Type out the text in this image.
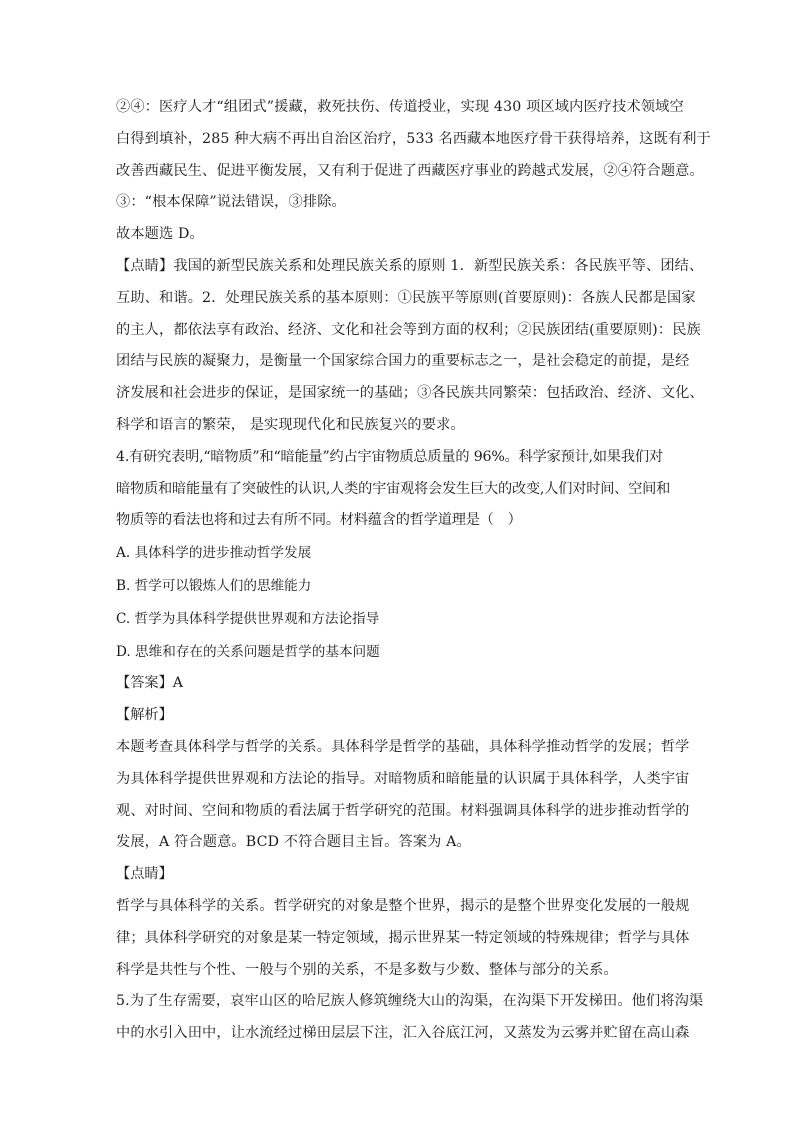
②④：医疗人才“组团式”援藏，救死扶伤、传道授业，实现 430 项区域内医疗技术领域空
白得到填补，285 种大病不再出自治区治疗，533 名西藏本地医疗骨干获得培养，这既有利于
改善西藏民生、促进平衡发展，又有利于促进了西藏医疗事业的跨越式发展，②④符合题意。
③：“根本保障”说法错误，③排除。
故本题选 D。
【点睛】我国的新型民族关系和处理民族关系的原则 1．新型民族关系：各民族平等、团结、
互助、和谐。2．处理民族关系的基本原则：①民族平等原则(首要原则)：各族人民都是国家
的主人，都依法享有政治、经济、文化和社会等到方面的权利；②民族团结(重要原则)：民族
团结与民族的凝聚力，是衡量一个国家综合国力的重要标志之一，是社会稳定的前提，是经
济发展和社会进步的保证，是国家统一的基础；③各民族共同繁荣：包括政治、经济、文化、
科学和语言的繁荣， 是实现现代化和民族复兴的要求。
4.有研究表明,“暗物质”和“暗能量”约占宇宙物质总质量的 96%。科学家预计,如果我们对
暗物质和暗能量有了突破性的认识,人类的宇宙观将会发生巨大的改变,人们对时间、空间和
物质等的看法也将和过去有所不同。材料蕴含的哲学道理是（　）
A. 具体科学的进步推动哲学发展
B. 哲学可以锻炼人们的思维能力
C. 哲学为具体科学提供世界观和方法论指导
D. 思维和存在的关系问题是哲学的基本问题
【答案】A
【解析】
本题考查具体科学与哲学的关系。具体科学是哲学的基础，具体科学推动哲学的发展；哲学
为具体科学提供世界观和方法论的指导。对暗物质和暗能量的认识属于具体科学，人类宇宙
观、对时间、空间和物质的看法属于哲学研究的范围。材料强调具体科学的进步推动哲学的
发展，A 符合题意。BCD 不符合题目主旨。答案为 A。
【点睛】
哲学与具体科学的关系。哲学研究的对象是整个世界，揭示的是整个世界变化发展的一般规
律；具体科学研究的对象是某一特定领域，揭示世界某一特定领域的特殊规律；哲学与具体
科学是共性与个性、一般与个别的关系，不是多数与少数、整体与部分的关系。
5.为了生存需要，哀牢山区的哈尼族人修筑缠绕大山的沟渠，在沟渠下开发梯田。他们将沟渠
中的水引入田中，让水流经过梯田层层下注，汇入谷底江河，又蒸发为云雾并贮留在高山森
